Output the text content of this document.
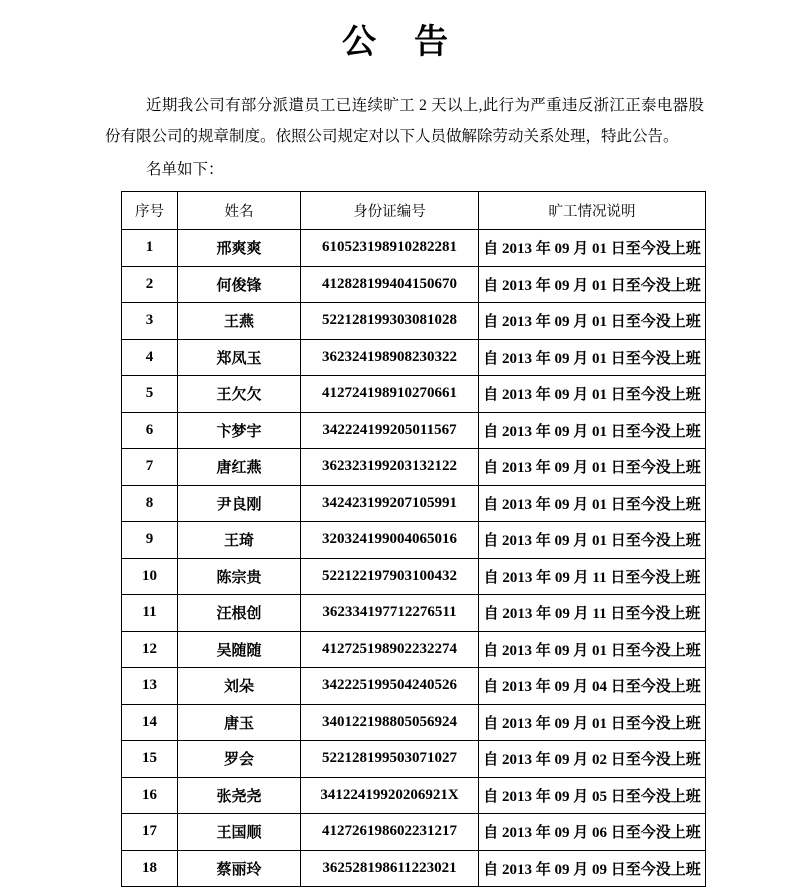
公　告

近期我公司有部分派遣员工已连续旷工 2 天以上,此行为严重违反浙江正泰电器股份有限公司的规章制度。依照公司规定对以下人员做解除劳动关系处理，特此公告。

名单如下：
序号	姓名	身份证编号	旷工情况说明
1	邢爽爽	610523198910282281	自 2013 年 09 月 01 日至今没上班
2	何俊锋	412828199404150670	自 2013 年 09 月 01 日至今没上班
3	王燕	522128199303081028	自 2013 年 09 月 01 日至今没上班
4	郑凤玉	362324198908230322	自 2013 年 09 月 01 日至今没上班
5	王欠欠	412724198910270661	自 2013 年 09 月 01 日至今没上班
6	卞梦宇	342224199205011567	自 2013 年 09 月 01 日至今没上班
7	唐红燕	362323199203132122	自 2013 年 09 月 01 日至今没上班
8	尹良刚	342423199207105991	自 2013 年 09 月 01 日至今没上班
9	王琦	320324199004065016	自 2013 年 09 月 01 日至今没上班
10	陈宗贵	522122197903100432	自 2013 年 09 月 11 日至今没上班
11	汪根创	362334197712276511	自 2013 年 09 月 11 日至今没上班
12	吴随随	412725198902232274	自 2013 年 09 月 01 日至今没上班
13	刘朵	342225199504240526	自 2013 年 09 月 04 日至今没上班
14	唐玉	340122198805056924	自 2013 年 09 月 01 日至今没上班
15	罗会	522128199503071027	自 2013 年 09 月 02 日至今没上班
16	张尧尧	34122419920206921X	自 2013 年 09 月 05 日至今没上班
17	王国顺	412726198602231217	自 2013 年 09 月 06 日至今没上班
18	蔡丽玲	362528198611223021	自 2013 年 09 月 09 日至今没上班
